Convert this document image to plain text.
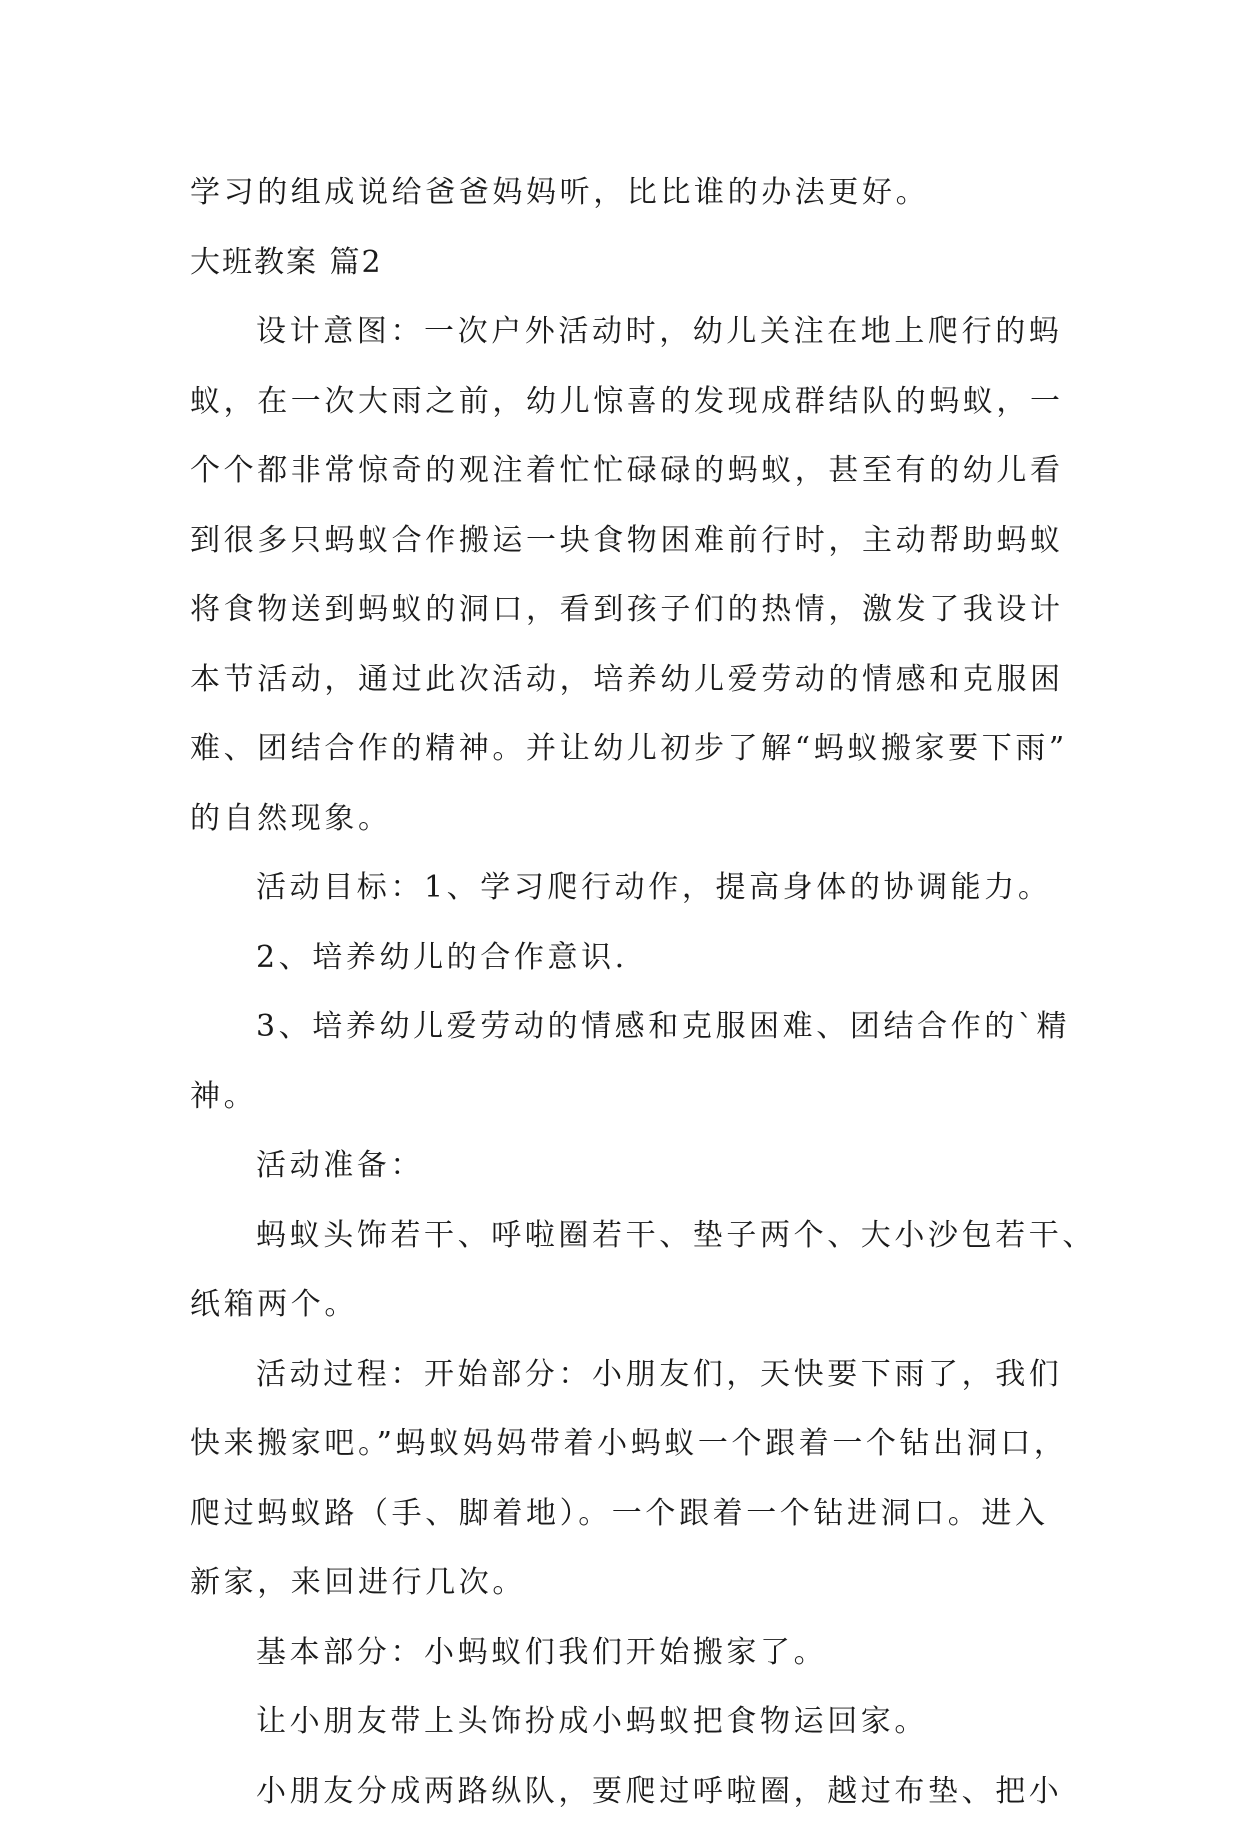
学习的组成说给爸爸妈妈听，比比谁的办法更好。
大班教案 篇2
设计意图：一次户外活动时，幼儿关注在地上爬行的蚂
蚁，在一次大雨之前，幼儿惊喜的发现成群结队的蚂蚁，一
个个都非常惊奇的观注着忙忙碌碌的蚂蚁，甚至有的幼儿看
到很多只蚂蚁合作搬运一块食物困难前行时，主动帮助蚂蚁
将食物送到蚂蚁的洞口，看到孩子们的热情，激发了我设计
本节活动，通过此次活动，培养幼儿爱劳动的情感和克服困
难、团结合作的精神。并让幼儿初步了解“蚂蚁搬家要下雨”
的自然现象。
活动目标：1、学习爬行动作，提高身体的协调能力。
2、培养幼儿的合作意识.
3、培养幼儿爱劳动的情感和克服困难、团结合作的`精
神。
活动准备：
蚂蚁头饰若干、呼啦圈若干、垫子两个、大小沙包若干、
纸箱两个。
活动过程：开始部分：小朋友们，天快要下雨了，我们
快来搬家吧。”蚂蚁妈妈带着小蚂蚁一个跟着一个钻出洞口，
爬过蚂蚁路（手、脚着地）。一个跟着一个钻进洞口。进入
新家，来回进行几次。
基本部分：小蚂蚁们我们开始搬家了。
让小朋友带上头饰扮成小蚂蚁把食物运回家。
小朋友分成两路纵队，要爬过呼啦圈，越过布垫、把小
